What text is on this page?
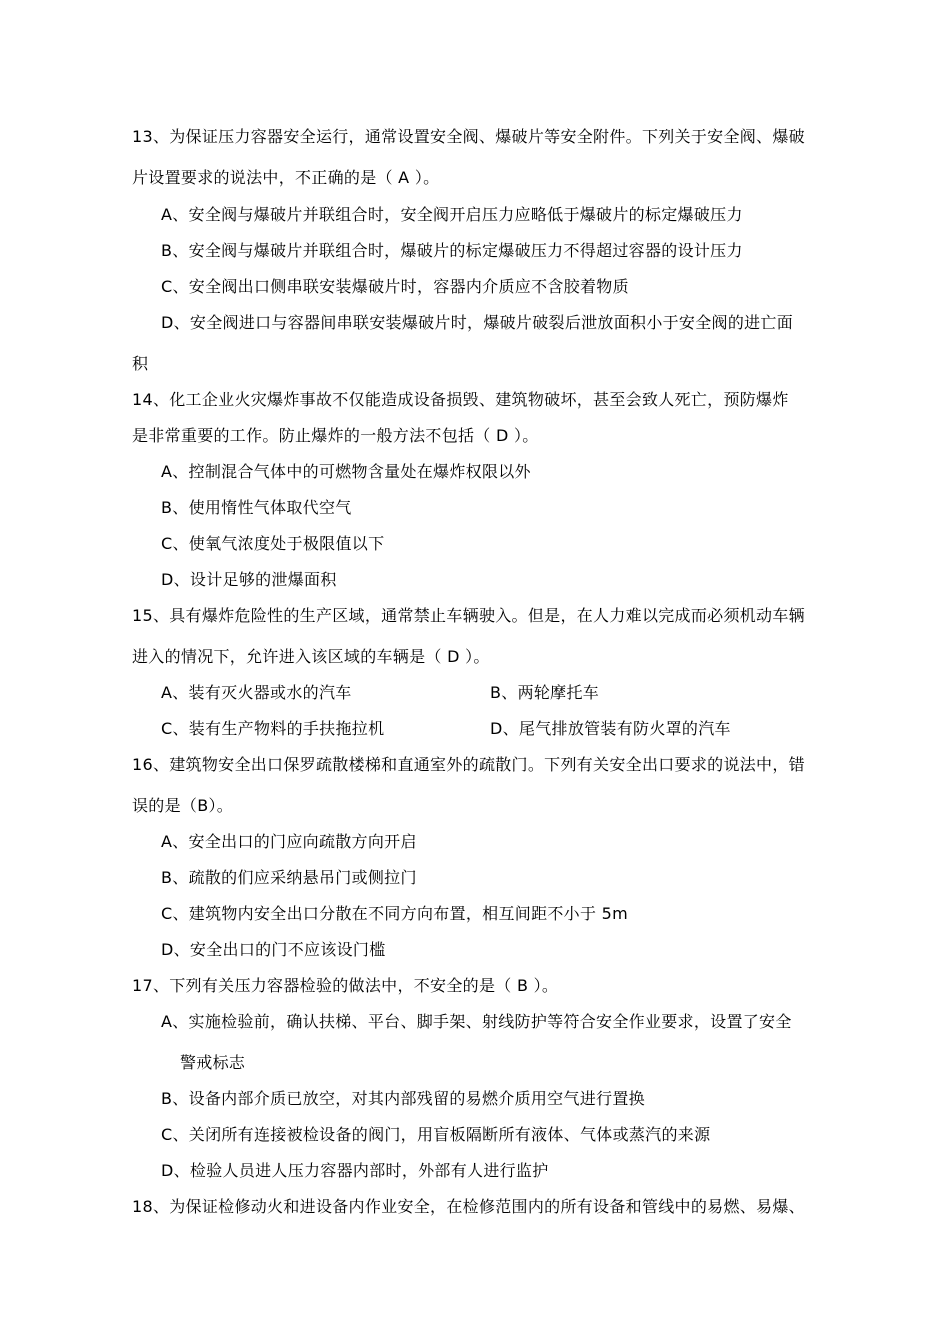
13、为保证压力容器安全运行，通常设置安全阀、爆破片等安全附件。下列关于安全阀、爆破
片设置要求的说法中，不正确的是（ A ）。
A、安全阀与爆破片并联组合时，安全阀开启压力应略低于爆破片的标定爆破压力
B、安全阀与爆破片并联组合时，爆破片的标定爆破压力不得超过容器的设计压力
C、安全阀出口侧串联安装爆破片时，容器内介质应不含胶着物质
D、安全阀进口与容器间串联安装爆破片时，爆破片破裂后泄放面积小于安全阀的进亡面
积
14、化工企业火灾爆炸事故不仅能造成设备损毁、建筑物破坏，甚至会致人死亡，预防爆炸
是非常重要的工作。防止爆炸的一般方法不包括（ D ）。
A、控制混合气体中的可燃物含量处在爆炸权限以外
B、使用惰性气体取代空气
C、使氧气浓度处于极限值以下
D、设计足够的泄爆面积
15、具有爆炸危险性的生产区域，通常禁止车辆驶入。但是，在人力难以完成而必须机动车辆
进入的情况下，允许进入该区域的车辆是（ D ）。
A、装有灭火器或水的汽车	B、两轮摩托车
C、装有生产物料的手扶拖拉机	D、尾气排放管装有防火罩的汽车
16、建筑物安全出口保罗疏散楼梯和直通室外的疏散门。下列有关安全出口要求的说法中，错
误的是（B）。
A、安全出口的门应向疏散方向开启
B、疏散的们应采纳悬吊门或侧拉门
C、建筑物内安全出口分散在不同方向布置，相互间距不小于 5m
D、安全出口的门不应该设门槛
17、下列有关压力容器检验的做法中，不安全的是（ B ）。
A、实施检验前，确认扶梯、平台、脚手架、射线防护等符合安全作业要求，设置了安全
警戒标志
B、设备内部介质已放空，对其内部残留的易燃介质用空气进行置换
C、关闭所有连接被检设备的阀门，用盲板隔断所有液体、气体或蒸汽的来源
D、检验人员进人压力容器内部时，外部有人进行监护
18、为保证检修动火和进设备内作业安全，在检修范围内的所有设备和管线中的易燃、易爆、
